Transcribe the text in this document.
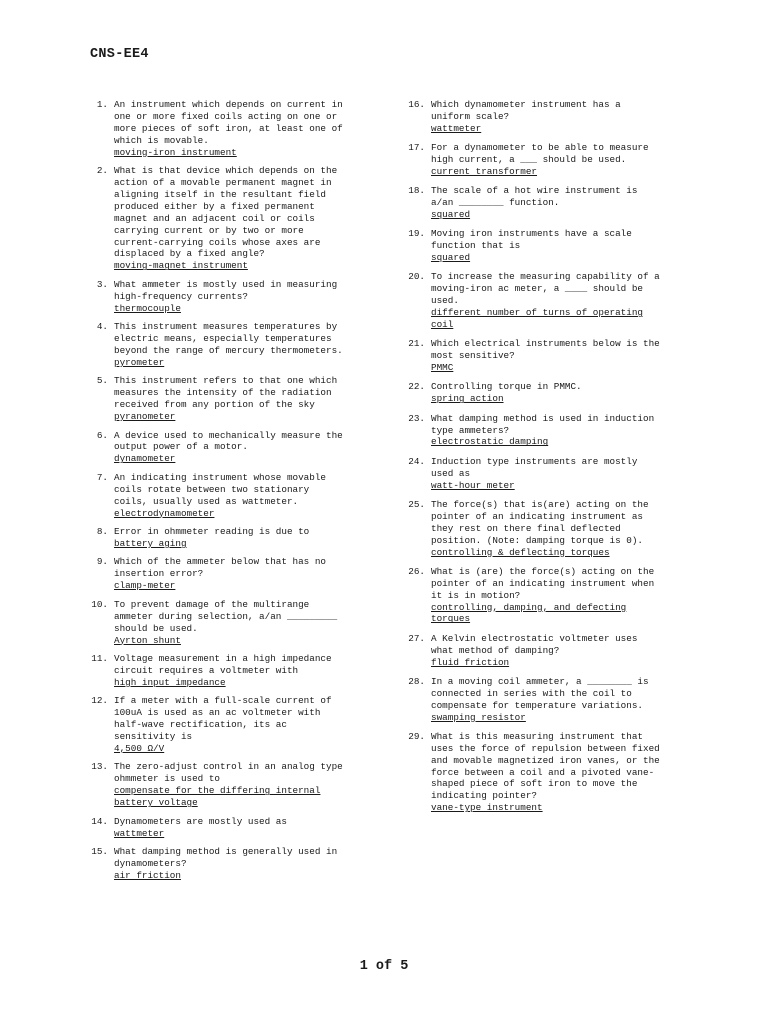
CNS-EE4
1. An instrument which depends on current in
one or more fixed coils acting on one or
more pieces of soft iron, at least one of
which is movable.
moving-iron instrument
2. What is that device which depends on the
action of a movable permanent magnet in
aligning itself in the resultant field
produced either by a fixed permanent
magnet and an adjacent coil or coils
carrying current or by two or more
current-carrying coils whose axes are
displaced by a fixed angle?
moving-magnet instrument
3. What ammeter is mostly used in measuring
high-frequency currents?
thermocouple
4. This instrument measures temperatures by
electric means, especially temperatures
beyond the range of mercury thermometers.
pyrometer
5. This instrument refers to that one which
measures the intensity of the radiation
received from any portion of the sky
pyranometer
6. A device used to mechanically measure the
output power of a motor.
dynamometer
7. An indicating instrument whose movable
coils rotate between two stationary
coils, usually used as wattmeter.
electrodynamometer
8. Error in ohmmeter reading is due to
battery aging
9. Which of the ammeter below that has no
insertion error?
clamp-meter
10. To prevent damage of the multirange
ammeter during selection, a/an _________
should be used.
Ayrton shunt
11. Voltage measurement in a high impedance
circuit requires a voltmeter with
high input impedance
12. If a meter with a full-scale current of
100uA is used as an ac voltmeter with
half-wave rectification, its ac
sensitivity is
4,500 Ω/V
13. The zero-adjust control in an analog type
ohmmeter is used to
compensate for the differing internal
battery voltage
14. Dynamometers are mostly used as
wattmeter
15. What damping method is generally used in
dynamometers?
air friction
16. Which dynamometer instrument has a
uniform scale?
wattmeter
17. For a dynamometer to be able to measure
high current, a ___ should be used.
current transformer
18. The scale of a hot wire instrument is
a/an ________ function.
squared
19. Moving iron instruments have a scale
function that is
squared
20. To increase the measuring capability of a
moving-iron ac meter, a ____ should be
used.
different number of turns of operating
coil
21. Which electrical instruments below is the
most sensitive?
PMMC
22. Controlling torque in PMMC.
spring action
23. What damping method is used in induction
type ammeters?
electrostatic damping
24. Induction type instruments are mostly
used as
watt-hour meter
25. The force(s) that is(are) acting on the
pointer of an indicating instrument as
they rest on there final deflected
position. (Note: damping torque is 0).
controlling & deflecting torques
26. What is (are) the force(s) acting on the
pointer of an indicating instrument when
it is in motion?
controlling, damping, and defecting
torques
27. A Kelvin electrostatic voltmeter uses
what method of damping?
fluid friction
28. In a moving coil ammeter, a ________ is
connected in series with the coil to
compensate for temperature variations.
swamping resistor
29. What is this measuring instrument that
uses the force of repulsion between fixed
and movable magnetized iron vanes, or the
force between a coil and a pivoted vane-
shaped piece of soft iron to move the
indicating pointer?
vane-type instrument
1 of 5
